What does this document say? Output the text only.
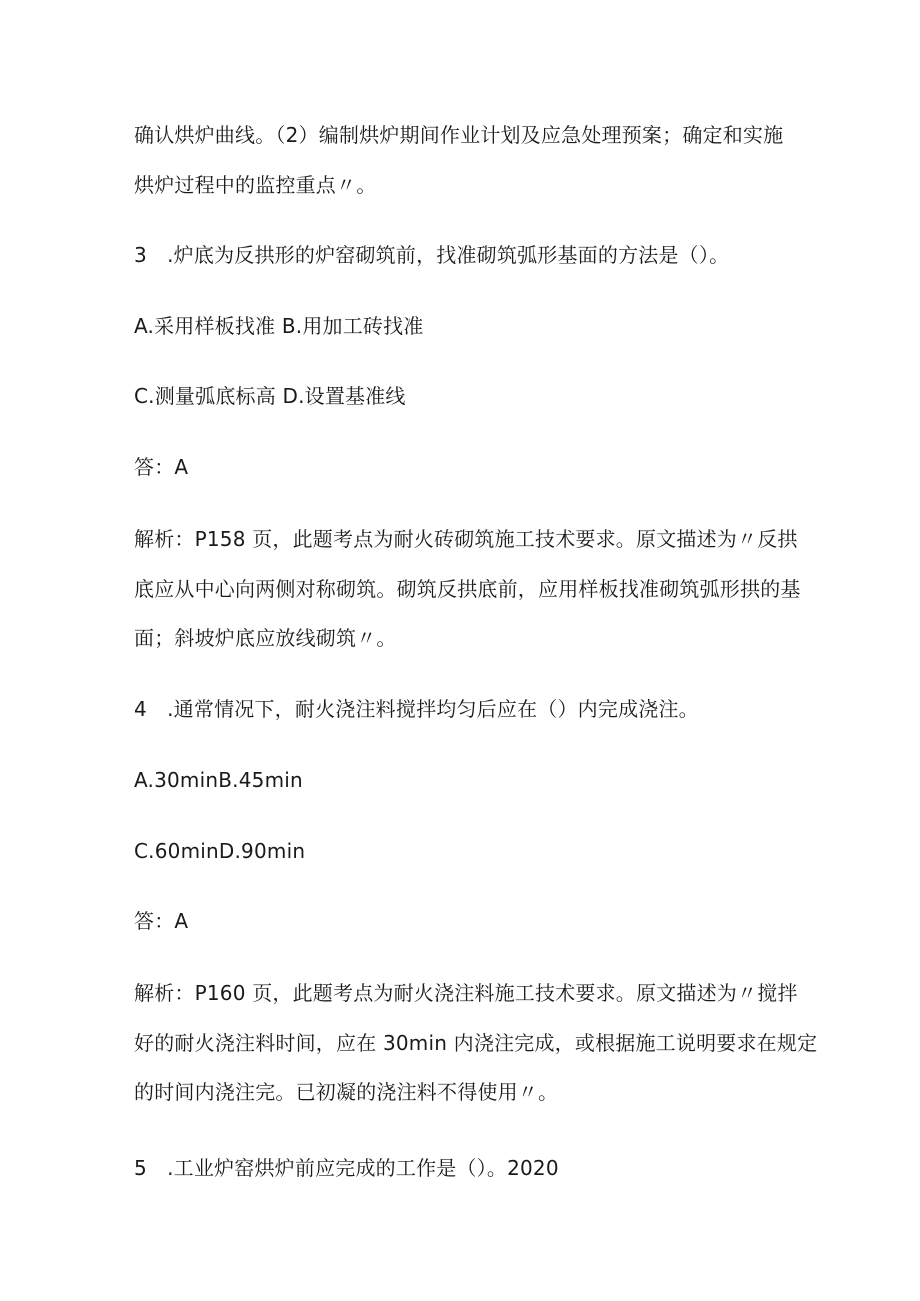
确认烘炉曲线。（2）编制烘炉期间作业计划及应急处理预案；确定和实施
烘炉过程中的监控重点〃。
3　.炉底为反拱形的炉窑砌筑前，找准砌筑弧形基面的方法是（）。
A.采用样板找准 B.用加工砖找准
C.测量弧底标高 D.设置基准线
答：A
解析：P158 页，此题考点为耐火砖砌筑施工技术要求。原文描述为〃反拱
底应从中心向两侧对称砌筑。砌筑反拱底前，应用样板找准砌筑弧形拱的基
面；斜坡炉底应放线砌筑〃。
4　.通常情况下，耐火浇注料搅拌均匀后应在（）内完成浇注。
A.30minB.45min
C.60minD.90min
答：A
解析：P160 页，此题考点为耐火浇注料施工技术要求。原文描述为〃搅拌
好的耐火浇注料时间，应在 30min 内浇注完成，或根据施工说明要求在规定
的时间内浇注完。已初凝的浇注料不得使用〃。
5　.工业炉窑烘炉前应完成的工作是（）。2020
